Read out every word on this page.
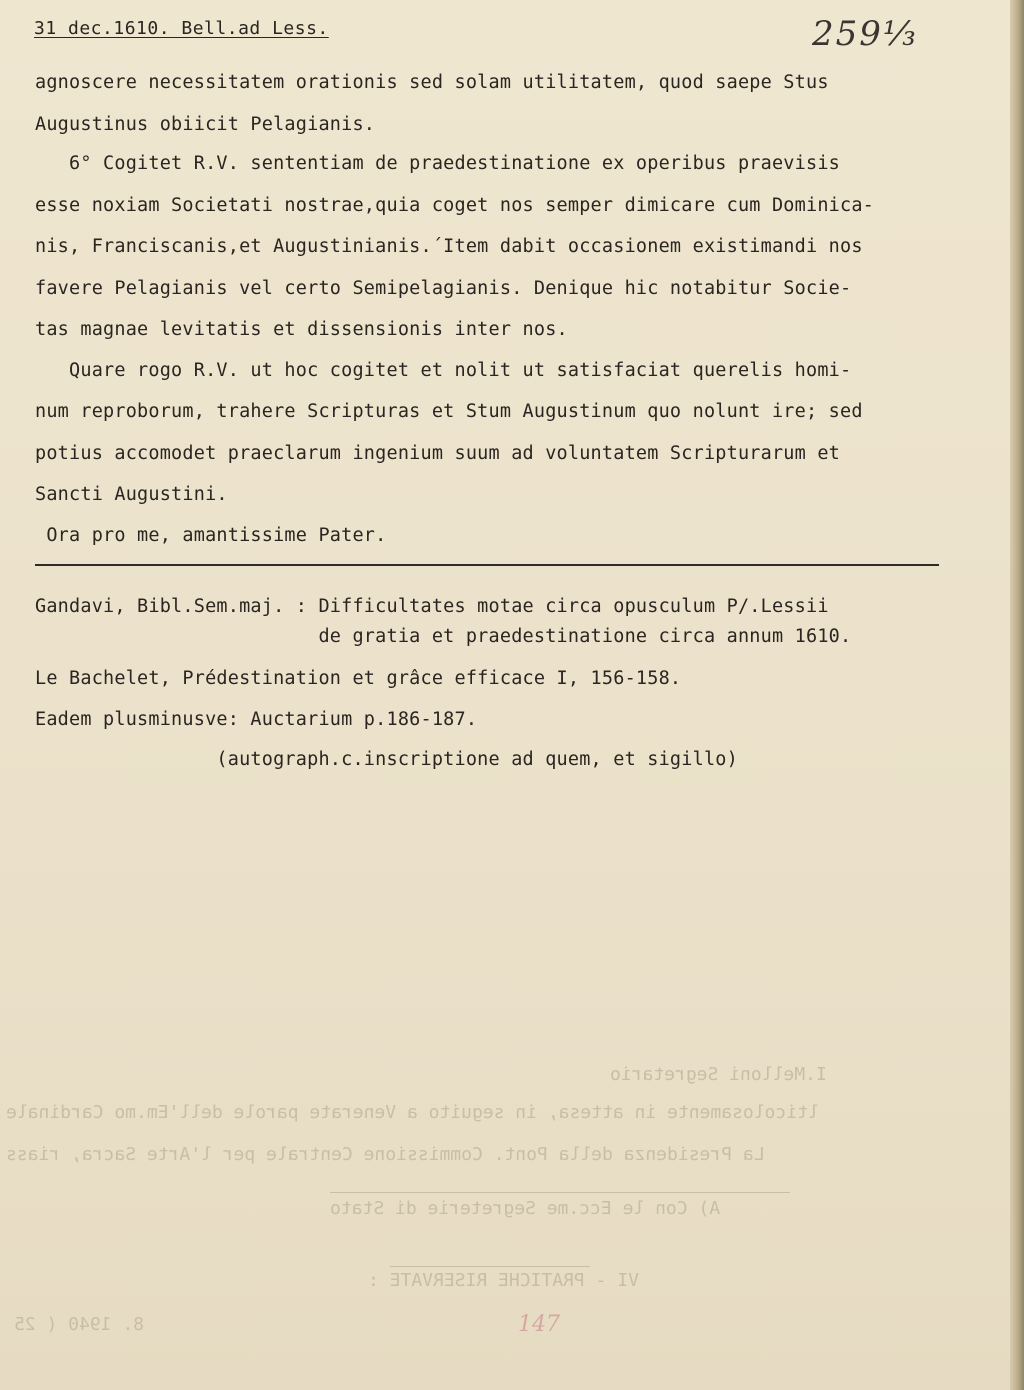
I.Melloni Segretario
lticolosamente in attesa, in seguito a Venerate parole dell'Em.mo Cardinale
La Presidenza della Pont. Commissione Centrale per l'Arte Sacra, riass
A) Con le Ecc.me Segreterie di Stato
VI - PRATICHE RISERVATE :
8. 1940 ( 25	147
31 dec.1610. Bell.ad Less.	259⅓
agnoscere necessitatem orationis sed solam utilitatem, quod saepe Stus
Augustinus obiicit Pelagianis.
6° Cogitet R.V. sententiam de praedestinatione ex operibus praevisis
esse noxiam Societati nostrae,quia coget nos semper dimicare cum Dominica-
nis, Franciscanis,et Augustinianis.´Item dabit occasionem existimandi nos
favere Pelagianis vel certo Semipelagianis. Denique hic notabitur Socie-
tas magnae levitatis et dissensionis inter nos.
Quare rogo R.V. ut hoc cogitet et nolit ut satisfaciat querelis homi-
num reproborum, trahere Scripturas et Stum Augustinum quo nolunt ire; sed
potius accomodet praeclarum ingenium suum ad voluntatem Scripturarum et
Sancti Augustini.
Ora pro me, amantissime Pater.
Gandavi, Bibl.Sem.maj. : Difficultates motae circa opusculum P/.Lessii
de gratia et praedestinatione circa annum 1610.
Le Bachelet, Prédestination et grâce efficace I, 156-158.
Eadem plusminusve: Auctarium p.186-187.
(autograph.c.inscriptione ad quem, et sigillo)
